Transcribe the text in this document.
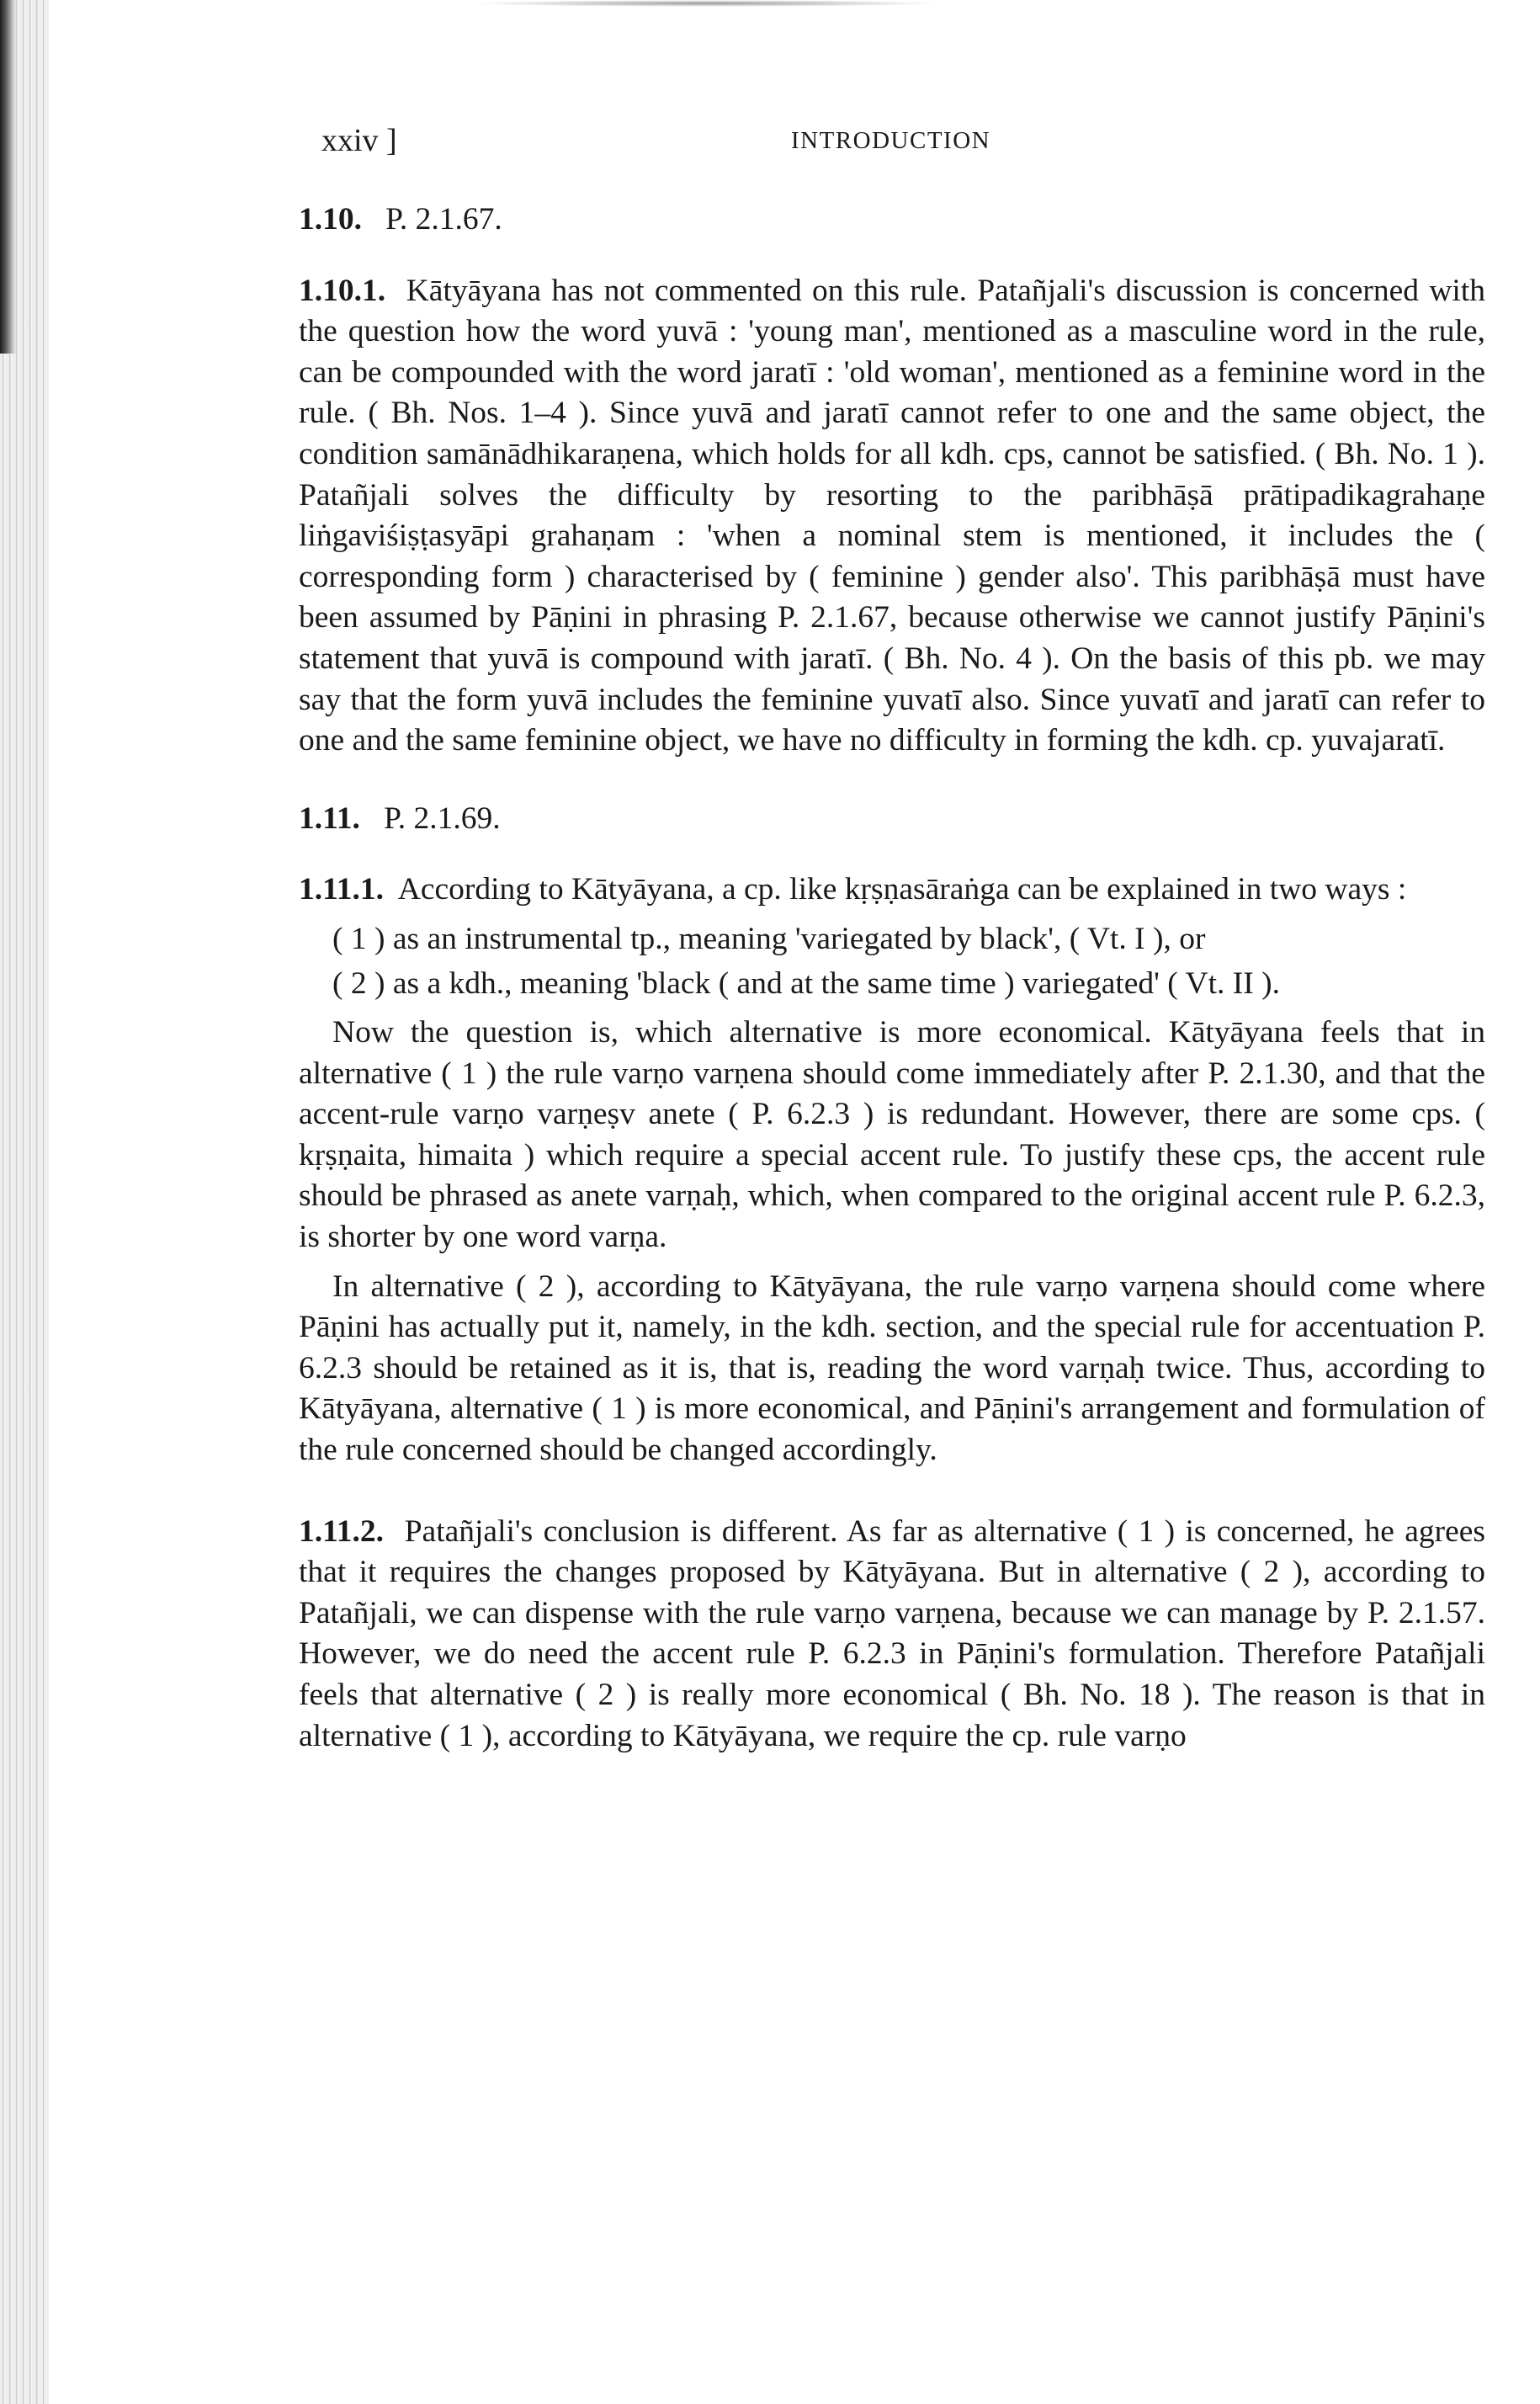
xxiv ]	INTRODUCTION
1.10. P. 2.1.67.

1.10.1. Kātyāyana has not commented on this rule. Patañjali's discussion is concerned with the question how the word yuvā : 'young man', mentioned as a masculine word in the rule, can be compounded with the word jaratī : 'old woman', mentioned as a feminine word in the rule. ( Bh. Nos. 1–4 ). Since yuvā and jaratī cannot refer to one and the same object, the condition samānādhikaraṇena, which holds for all kdh. cps, cannot be satisfied. ( Bh. No. 1 ). Patañjali solves the difficulty by resorting to the paribhāṣā prātipadikagrahaṇe liṅgaviśiṣṭasyāpi grahaṇam : 'when a nominal stem is mentioned, it includes the ( corresponding form ) characterised by ( feminine ) gender also'. This paribhāṣā must have been assumed by Pāṇini in phrasing P. 2.1.67, because otherwise we cannot justify Pāṇini's statement that yuvā is compound with jaratī. ( Bh. No. 4 ). On the basis of this pb. we may say that the form yuvā includes the feminine yuvatī also. Since yuvatī and jaratī can refer to one and the same feminine object, we have no difficulty in forming the kdh. cp. yuvajaratī.

1.11. P. 2.1.69.

1.11.1. According to Kātyāyana, a cp. like kṛṣṇasāraṅga can be explained in two ways :

( 1 ) as an instrumental tp., meaning 'variegated by black', ( Vt. I ), or
( 2 ) as a kdh., meaning 'black ( and at the same time ) variegated' ( Vt. II ).

Now the question is, which alternative is more economical. Kātyāyana feels that in alternative ( 1 ) the rule varṇo varṇena should come immediately after P. 2.1.30, and that the accent-rule varṇo varṇeṣv anete ( P. 6.2.3 ) is redundant. However, there are some cps. ( kṛṣṇaita, himaita ) which require a special accent rule. To justify these cps, the accent rule should be phrased as anete varṇaḥ, which, when compared to the original accent rule P. 6.2.3, is shorter by one word varṇa.

In alternative ( 2 ), according to Kātyāyana, the rule varṇo varṇena should come where Pāṇini has actually put it, namely, in the kdh. section, and the special rule for accentuation P. 6.2.3 should be retained as it is, that is, reading the word varṇaḥ twice. Thus, according to Kātyāyana, alternative ( 1 ) is more economical, and Pāṇini's arrangement and formulation of the rule concerned should be changed accordingly.

1.11.2. Patañjali's conclusion is different. As far as alternative ( 1 ) is concerned, he agrees that it requires the changes proposed by Kātyāyana. But in alternative ( 2 ), according to Patañjali, we can dispense with the rule varṇo varṇena, because we can manage by P. 2.1.57. However, we do need the accent rule P. 6.2.3 in Pāṇini's formulation. Therefore Patañjali feels that alternative ( 2 ) is really more economical ( Bh. No. 18 ). The reason is that in alternative ( 1 ), according to Kātyāyana, we require the cp. rule varṇo
